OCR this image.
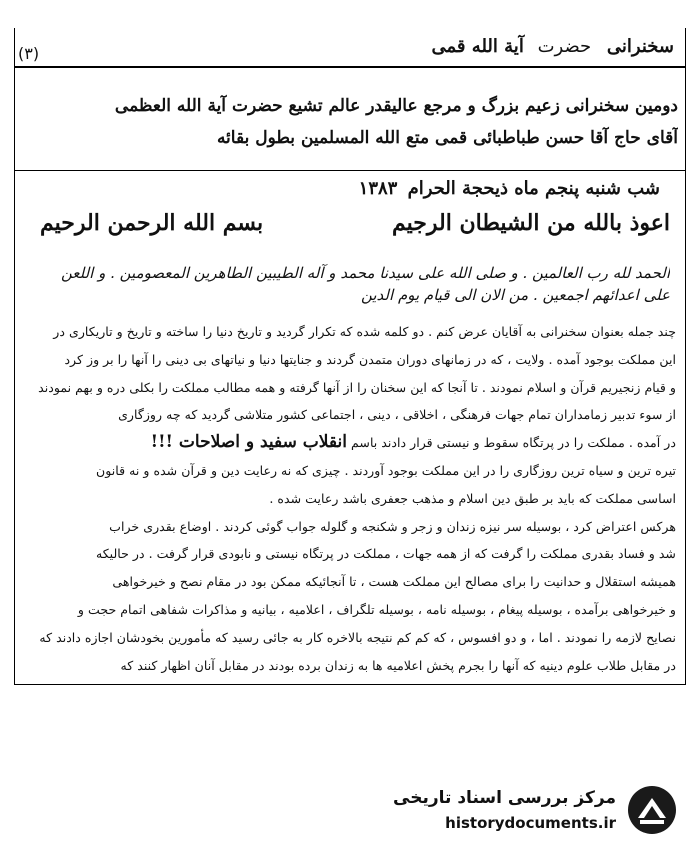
(۳)	سخنرانی حضرت آیة الله قمی
دومین سخنرانی زعیم بزرگ و مرجع عالیقدر عالم تشیع حضرت آیة الله العظمی
آقای حاج آقا حسن طباطبائی قمی متع الله المسلمین بطول بقائه
شب شنبه پنجم ماه ذیحجة الحرام ۱۳۸۳
اعوذ بالله من الشیطان الرجیم
بسم الله الرحمن الرحیم
الحمد لله رب العالمین . و صلی الله علی سیدنا محمد و آله الطیبین الطاهرین المعصومین . و اللعن
علی اعدائهم اجمعین . من الان الی قیام یوم الدین
چند جمله بعنوان سخنرانی به آقایان عرض کنم . دو کلمه شده که تکرار گردید و تاریخ دنیا را ساخته و تاریخ و تاریکاری در
این مملکت بوجود آمده . ولایت ، که در زمانهای دوران متمدن گردند و جنایتها دنیا و نیاتهای بی دینی را آنها را بر وز کرد
و قیام زنجیریم قرآن و اسلام نمودند . تا آنجا که این سخنان را از آنها گرفته و همه مطالب مملکت را بکلی دره و بهم نمودند
از سوء تدبیر زمامداران تمام جهات فرهنگی ، اخلاقی ، دینی ، اجتماعی کشور متلاشی گردید که چه روزگاری
در آمده . مملکت را در پرتگاه سقوط و نیستی قرار دادند باسم انقلاب سفید و اصلاحات !!!
تیره ترین و سیاه ترین روزگاری را در این مملکت بوجود آوردند . چیزی که نه رعایت دین و قرآن شده و نه قانون
اساسی مملکت که باید بر طبق دین اسلام و مذهب جعفری باشد رعایت شده .
هرکس اعتراض کرد ، بوسیله سر نیزه زندان و زجر و شکنجه و گلوله جواب گوئی کردند . اوضاع بقدری خراب
شد و فساد بقدری مملکت را گرفت که از همه جهات ، مملکت در پرتگاه نیستی و نابودی قرار گرفت . در حالیکه
همیشه استقلال و حدانیت را برای مصالح این مملکت هست ، تا آنجائیکه ممکن بود در مقام نصح و خیرخواهی
و خیرخواهی برآمده ، بوسیله پیغام ، بوسیله نامه ، بوسیله تلگراف ، اعلامیه ، بیانیه و مذاکرات شفاهی اتمام حجت و
نصایح لازمه را نمودند . اما ، و دو افسوس ، که کم کم نتیجه بالاخره کار به جائی رسید که مأمورین بخودشان اجازه دادند که
در مقابل طلاب علوم دینیه که آنها را بجرم پخش اعلامیه ها به زندان برده بودند در مقابل آنان اظهار کنند که
مرکز بررسی اسناد تاریخی
historydocuments.ir
